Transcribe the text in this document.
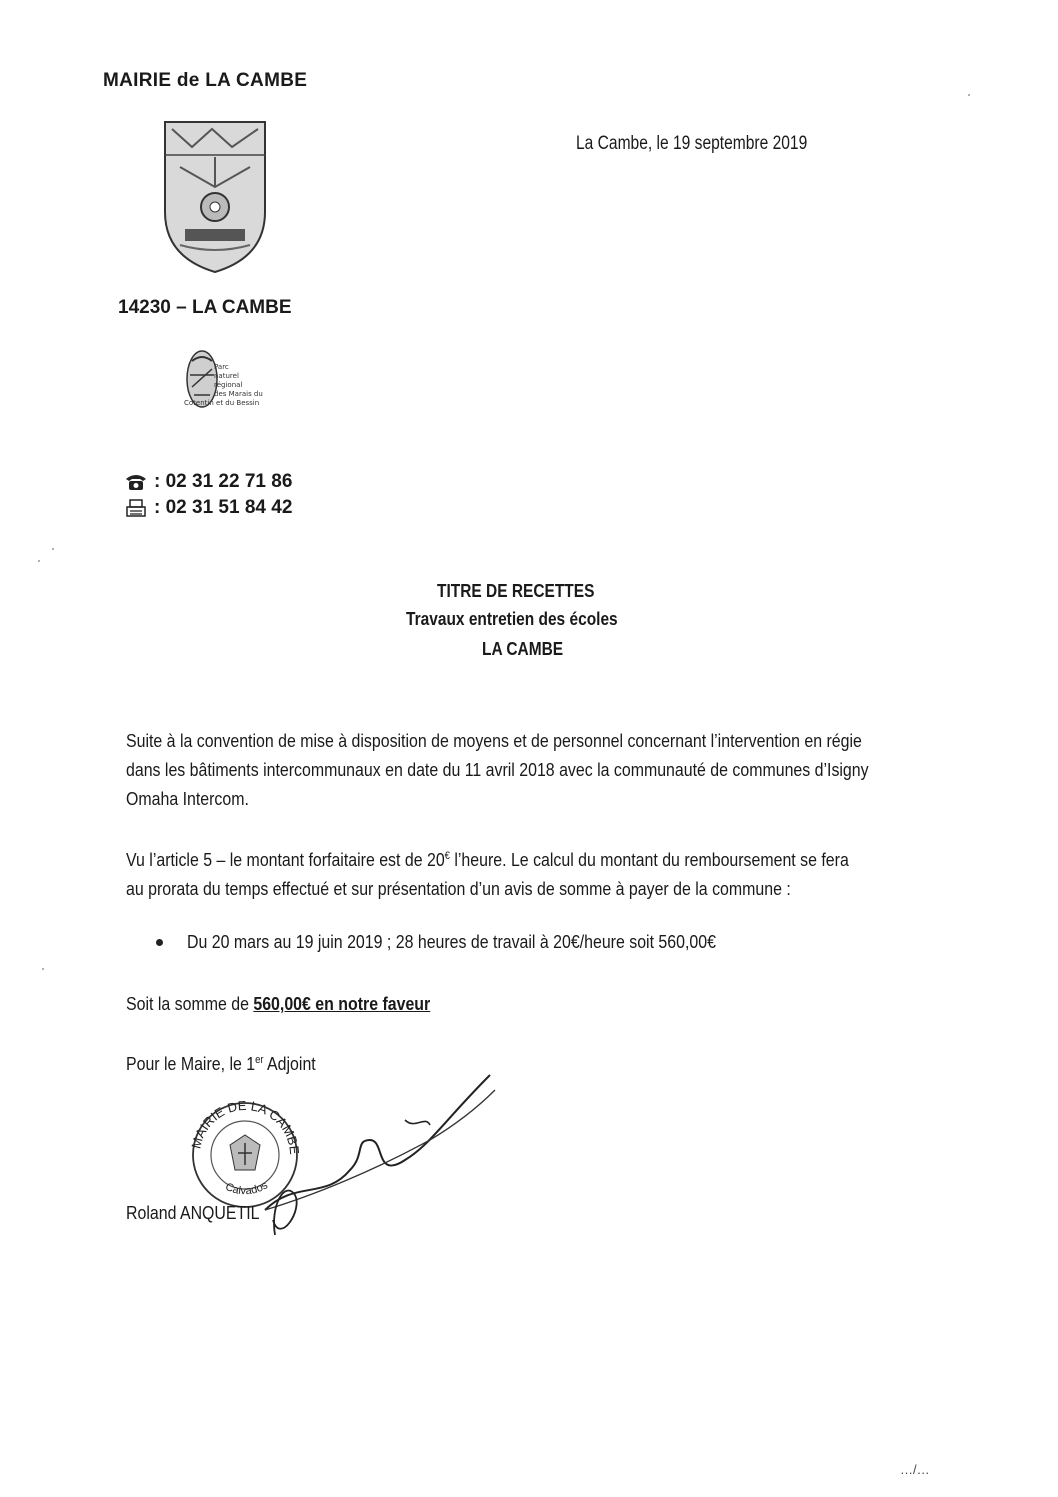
MAIRIE de LA CAMBE
14230 – LA CAMBE
Parc
naturel
régional
des Marais du
Cotentin et du Bessin
: 02 31 22 71 86
: 02 31 51 84 42
La Cambe, le 19 septembre 2019
TITRE DE RECETTES
Travaux entretien des écoles
LA CAMBE
Suite à la convention de mise à disposition de moyens et de personnel concernant l’intervention en régie
dans les bâtiments intercommunaux en date du 11 avril 2018 avec la communauté de communes d’Isigny
Omaha Intercom.
Vu l’article 5 – le montant forfaitaire est de 20€ l’heure. Le calcul du montant du remboursement se fera
au prorata du temps effectué et sur présentation d’un avis de somme à payer de la commune :
Du 20 mars au 19 juin 2019 ; 28 heures de travail à 20€/heure soit 560,00€
Soit la somme de 560,00€ en notre faveur
Pour le Maire, le 1er Adjoint
MAIRIE DE LA CAMBE
Calvados
Roland ANQUETIL
…/…
